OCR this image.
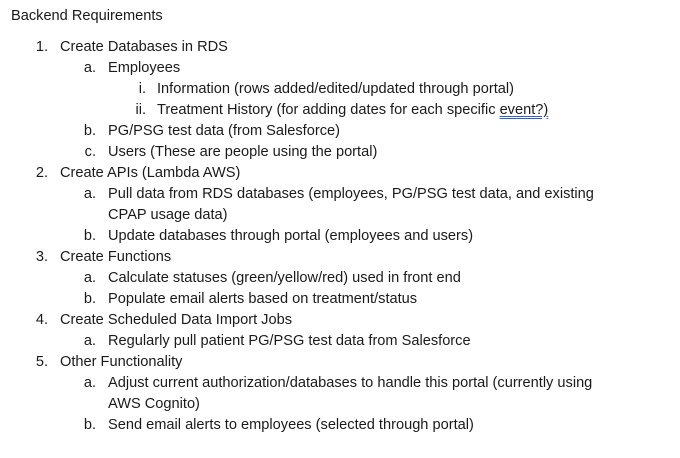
Backend Requirements
1. Create Databases in RDS
a. Employees
i. Information (rows added/edited/updated through portal)
ii. Treatment History (for adding dates for each specific event?)
b. PG/PSG test data (from Salesforce)
c. Users (These are people using the portal)
2. Create APIs (Lambda AWS)
a. Pull data from RDS databases (employees, PG/PSG test data, and existing
CPAP usage data)
b. Update databases through portal (employees and users)
3. Create Functions
a. Calculate statuses (green/yellow/red) used in front end
b. Populate email alerts based on treatment/status
4. Create Scheduled Data Import Jobs
a. Regularly pull patient PG/PSG test data from Salesforce
5. Other Functionality
a. Adjust current authorization/databases to handle this portal (currently using
AWS Cognito)
b. Send email alerts to employees (selected through portal)
